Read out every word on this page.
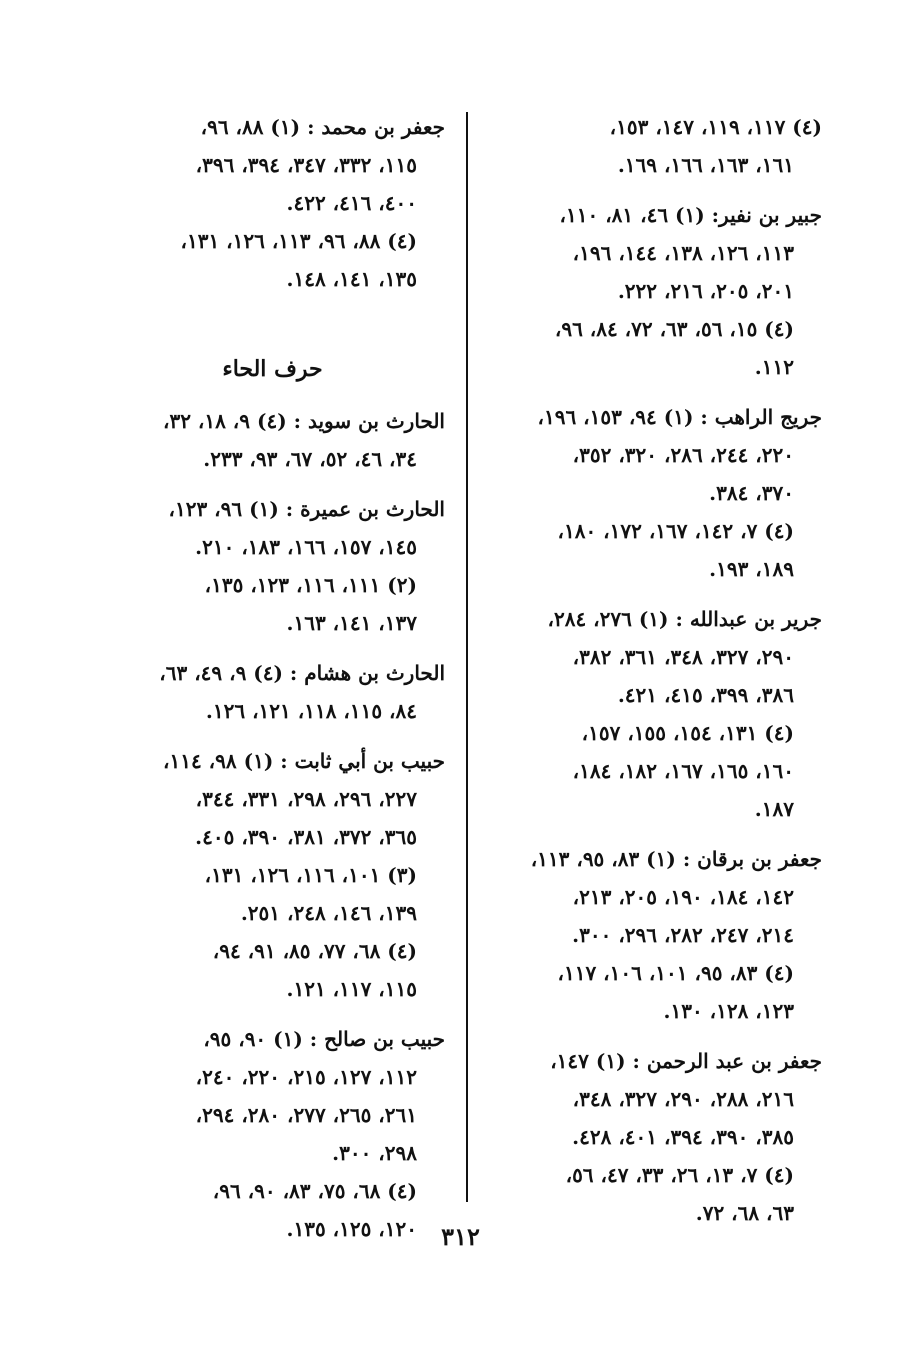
(٤) ١١٧، ١١٩، ١٤٧، ١٥٣،
١٦١، ١٦٣، ١٦٦، ١٦٩.
جبير بن نفير: (١) ٤٦، ٨١، ١١٠،
١١٣، ١٢٦، ١٣٨، ١٤٤، ١٩٦،
٢٠١، ٢٠٥، ٢١٦، ٢٢٢.
(٤) ١٥، ٥٦، ٦٣، ٧٢، ٨٤، ٩٦،
١١٢.
جريج الراهب : (١) ٩٤، ١٥٣، ١٩٦،
٢٢٠، ٢٤٤، ٢٨٦، ٣٢٠، ٣٥٢،
٣٧٠، ٣٨٤.
(٤) ٧، ١٤٢، ١٦٧، ١٧٢، ١٨٠،
١٨٩، ١٩٣.
جرير بن عبدالله : (١) ٢٧٦، ٢٨٤،
٢٩٠، ٣٢٧، ٣٤٨، ٣٦١، ٣٨٢،
٣٨٦، ٣٩٩، ٤١٥، ٤٢١.
(٤) ١٣١، ١٥٤، ١٥٥، ١٥٧،
١٦٠، ١٦٥، ١٦٧، ١٨٢، ١٨٤،
١٨٧.
جعفر بن برقان : (١) ٨٣، ٩٥، ١١٣،
١٤٢، ١٨٤، ١٩٠، ٢٠٥، ٢١٣،
٢١٤، ٢٤٧، ٢٨٢، ٢٩٦، ٣٠٠.
(٤) ٨٣، ٩٥، ١٠١، ١٠٦، ١١٧،
١٢٣، ١٢٨، ١٣٠.
جعفر بن عبد الرحمن : (١) ١٤٧،
٢١٦، ٢٨٨، ٢٩٠، ٣٢٧، ٣٤٨،
٣٨٥، ٣٩٠، ٣٩٤، ٤٠١، ٤٢٨.
(٤) ٧، ١٣، ٢٦، ٣٣، ٤٧، ٥٦،
٦٣، ٦٨، ٧٢.
جعفر بن محمد : (١) ٨٨، ٩٦،
١١٥، ٣٣٢، ٣٤٧، ٣٩٤، ٣٩٦،
٤٠٠، ٤١٦، ٤٢٢.
(٤) ٨٨، ٩٦، ١١٣، ١٢٦، ١٣١،
١٣٥، ١٤١، ١٤٨.
حرف الحاء
الحارث بن سويد : (٤) ٩، ١٨، ٣٢،
٣٤، ٤٦، ٥٢، ٦٧، ٩٣، ٢٣٣.
الحارث بن عميرة : (١) ٩٦، ١٢٣،
١٤٥، ١٥٧، ١٦٦، ١٨٣، ٢١٠.
(٢) ١١١، ١١٦، ١٢٣، ١٣٥،
١٣٧، ١٤١، ١٦٣.
الحارث بن هشام : (٤) ٩، ٤٩، ٦٣،
٨٤، ١١٥، ١١٨، ١٢١، ١٢٦.
حبيب بن أبي ثابت : (١) ٩٨، ١١٤،
٢٢٧، ٢٩٦، ٢٩٨، ٣٣١، ٣٤٤،
٣٦٥، ٣٧٢، ٣٨١، ٣٩٠، ٤٠٥.
(٣) ١٠١، ١١٦، ١٢٦، ١٣١،
١٣٩، ١٤٦، ٢٤٨، ٢٥١.
(٤) ٦٨، ٧٧، ٨٥، ٩١، ٩٤،
١١٥، ١١٧، ١٢١.
حبيب بن صالح : (١) ٩٠، ٩٥،
١١٢، ١٢٧، ٢١٥، ٢٢٠، ٢٤٠،
٢٦١، ٢٦٥، ٢٧٧، ٢٨٠، ٢٩٤،
٢٩٨، ٣٠٠.
(٤) ٦٨، ٧٥، ٨٣، ٩٠، ٩٦،
١٢٠، ١٢٥، ١٣٥.	٣١٢
